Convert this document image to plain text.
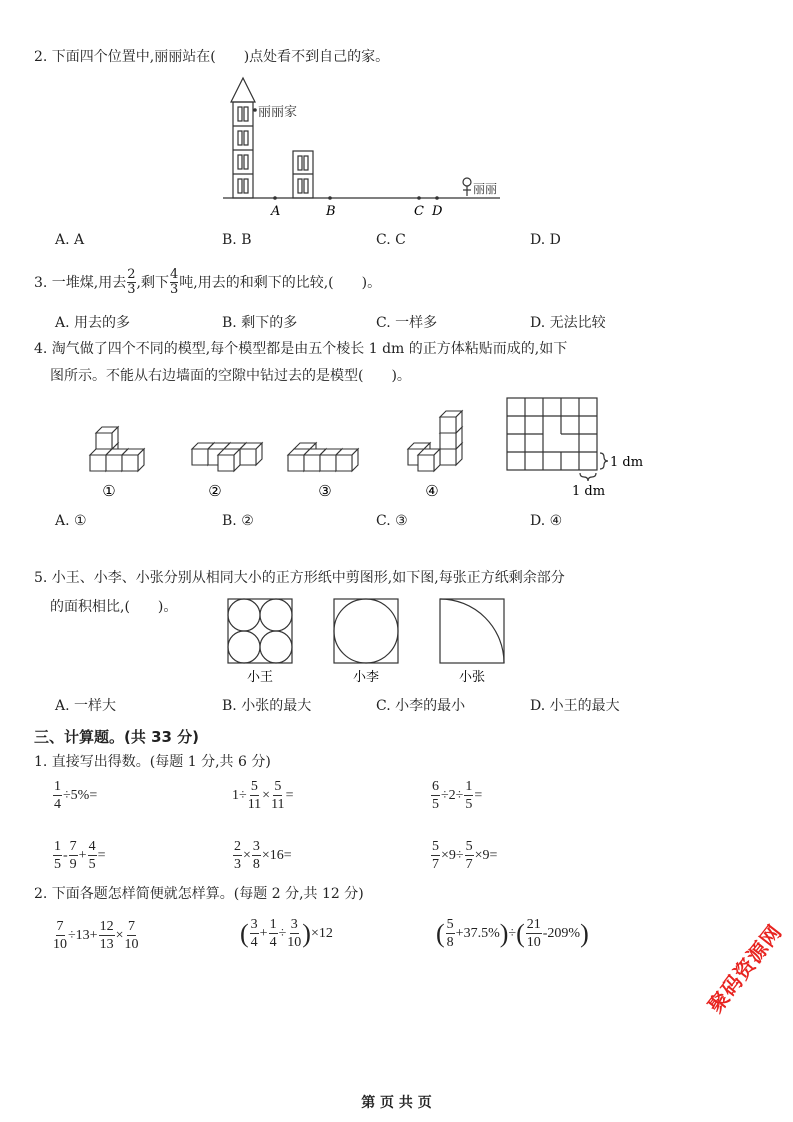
2. 下面四个位置中,丽丽站在(　　)点处看不到自己的家。
丽丽家
丽丽
A	B	C D
A. A	B. B	C. C	D. D
3. 一堆煤,用去 $\frac{2}{3}$ ,剩下 $\frac{4}{3}$ 吨,用去的和剩下的比较,(　　)。
A. 用去的多	B. 剩下的多	C. 一样多	D. 无法比较
4. 淘气做了四个不同的模型,每个模型都是由五个棱长 1 dm 的正方体粘贴而成的,如下
图所示。不能从右边墙面的空隙中钻过去的是模型(　　)。
①	②	③	④
1 dm
1 dm
A. ①	B. ②	C. ③	D. ④
5. 小王、小李、小张分别从相同大小的正方形纸中剪图形,如下图,每张正方纸剩余部分
的面积相比,(　　)。
小王	小李	小张
A. 一样大	B. 小张的最大	C. 小李的最小	D. 小王的最大
三、计算题。(共 33 分)
1. 直接写出得数。(每题 1 分,共 6 分)
$\frac{1}{4} \div 5\%=$	$1\div \frac{5}{11} \times \frac{5}{11}$ =	$\frac{6}{5} \div 2\div \frac{1}{5}$ =
$\frac{1}{5} - \frac{7}{9} + \frac{4}{5}$ =	$\frac{2}{3} \times \frac{3}{8} \times 16=$	$\frac{5}{7} \times 9\div \frac{5}{7} \times 9=$
2. 下面各题怎样简便就怎样算。(每题 2 分,共 12 分)
$\frac{7}{10} \div 13+ \frac{12}{13} \times \frac{7}{10}$	( $\frac{3}{4} + \frac{1}{4} \div \frac{3}{10}$ ) ×12	( $\frac{5}{8} +37.5\%$ ) ÷ ( $\frac{21}{10} -209\%$ )	聚码资源网
第 页 共 页
